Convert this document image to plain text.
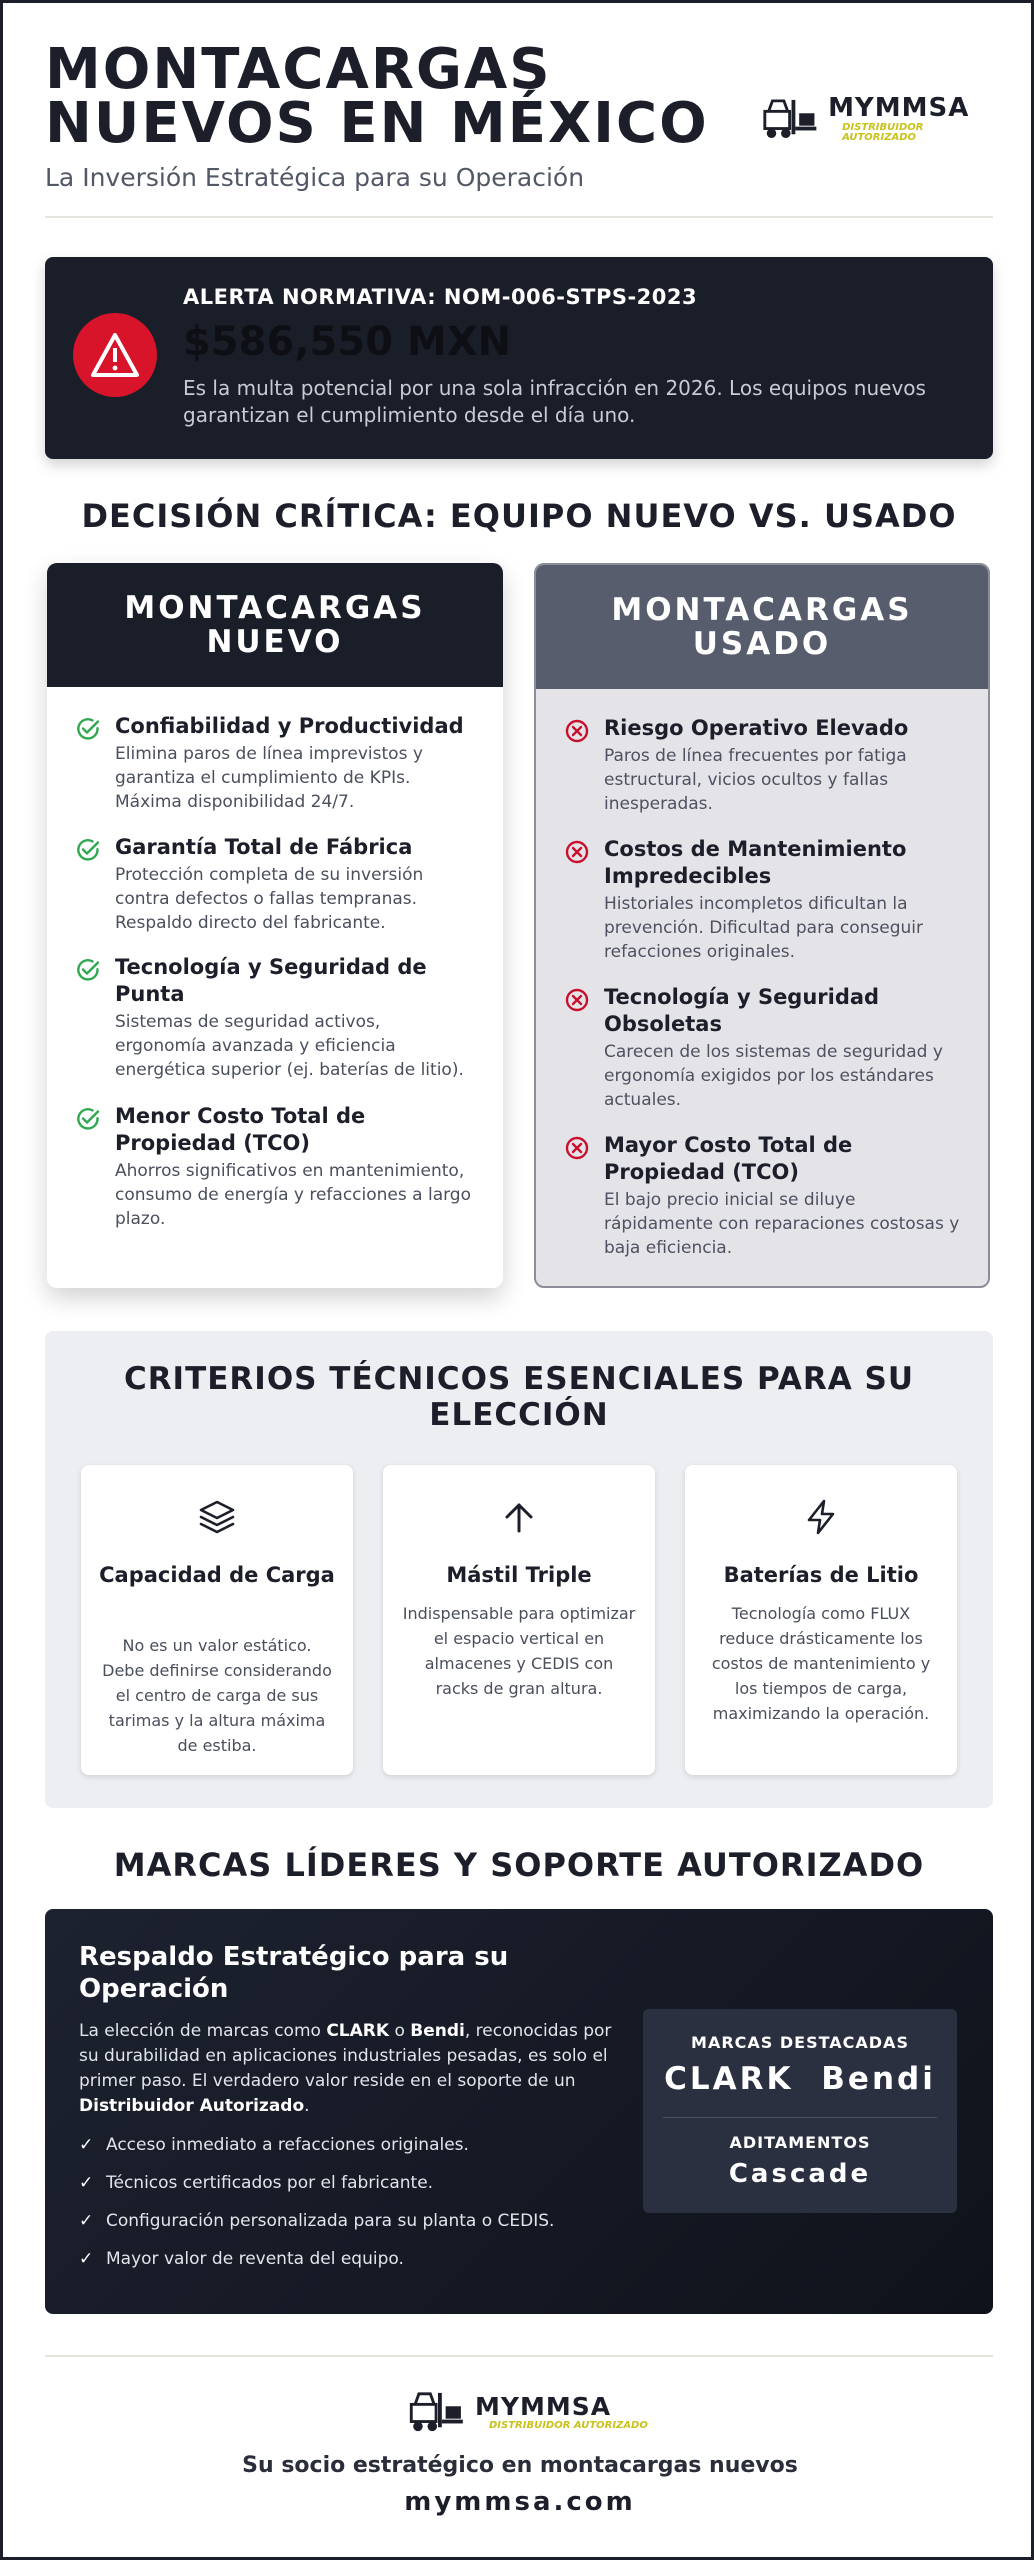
MONTACARGAS
NUEVOS EN MÉXICO
La Inversión Estratégica para su Operación
MYMMSA
DISTRIBUIDOR AUTORIZADO
ALERTA NORMATIVA: NOM-006-STPS-2023
$586,550 MXN
Es la multa potencial por una sola infracción en 2026. Los equipos nuevos garantizan el cumplimiento desde el día uno.
DECISIÓN CRÍTICA: EQUIPO NUEVO VS. USADO
MONTACARGAS
NUEVO
Confiabilidad y Productividad
Elimina paros de línea imprevistos y garantiza el cumplimiento de KPIs. Máxima disponibilidad 24/7.
Garantía Total de Fábrica
Protección completa de su inversión contra defectos o fallas tempranas. Respaldo directo del fabricante.
Tecnología y Seguridad de Punta
Sistemas de seguridad activos, ergonomía avanzada y eficiencia energética superior (ej. baterías de litio).
Menor Costo Total de Propiedad (TCO)
Ahorros significativos en mantenimiento, consumo de energía y refacciones a largo plazo.
MONTACARGAS
USADO
Riesgo Operativo Elevado
Paros de línea frecuentes por fatiga estructural, vicios ocultos y fallas inesperadas.
Costos de Mantenimiento Impredecibles
Historiales incompletos dificultan la prevención. Dificultad para conseguir refacciones originales.
Tecnología y Seguridad Obsoletas
Carecen de los sistemas de seguridad y ergonomía exigidos por los estándares actuales.
Mayor Costo Total de Propiedad (TCO)
El bajo precio inicial se diluye rápidamente con reparaciones costosas y baja eficiencia.
CRITERIOS TÉCNICOS ESENCIALES PARA SU
ELECCIÓN
Capacidad de Carga
No es un valor estático. Debe definirse considerando el centro de carga de sus tarimas y la altura máxima de estiba.
Mástil Triple
Indispensable para optimizar el espacio vertical en almacenes y CEDIS con racks de gran altura.
Baterías de Litio
Tecnología como FLUX reduce drásticamente los costos de mantenimiento y los tiempos de carga, maximizando la operación.
MARCAS LÍDERES Y SOPORTE AUTORIZADO
Respaldo Estratégico para su Operación
La elección de marcas como CLARK o Bendi, reconocidas por su durabilidad en aplicaciones industriales pesadas, es solo el primer paso. El verdadero valor reside en el soporte de un Distribuidor Autorizado.
✓ Acceso inmediato a refacciones originales.
✓ Técnicos certificados por el fabricante.
✓ Configuración personalizada para su planta o CEDIS.
✓ Mayor valor de reventa del equipo.
MARCAS DESTACADAS
CLARK Bendi
ADITAMENTOS
Cascade
MYMMSA
DISTRIBUIDOR AUTORIZADO
Su socio estratégico en montacargas nuevos
mymmsa.com
